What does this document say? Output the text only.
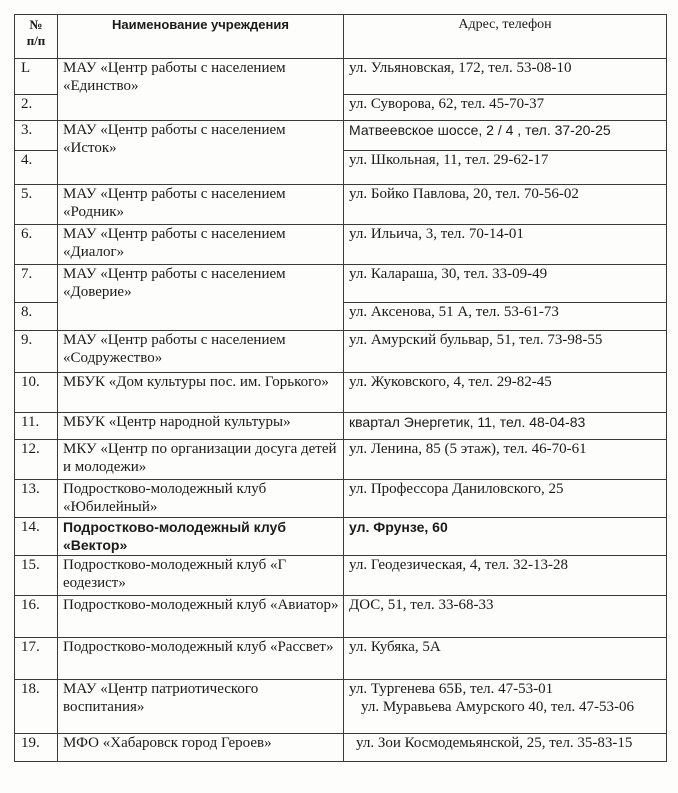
№
п/п	Наименование учреждения	Адрес, телефон
L	МАУ «Центр работы с населением «Единство»	ул. Ульяновская, 172, тел. 53-08-10
2.		ул. Суворова, 62, тел. 45-70-37
3.	МАУ «Центр работы с населением «Исток»	Матвеевское шоссе, 2 / 4 , тел. 37-20-25
4.		ул. Школьная, 11, тел. 29-62-17
5.	МАУ «Центр работы с населением «Родник»	ул. Бойко Павлова, 20, тел. 70-56-02
6.	МАУ «Центр работы с населением «Диалог»	ул. Ильича, 3, тел. 70-14-01
7.	МАУ «Центр работы с населением «Доверие»	ул. Калараша, 30, тел. 33-09-49
8.		ул. Аксенова, 51 А, тел. 53-61-73
9.	МАУ «Центр работы с населением «Содружество»	ул. Амурский бульвар, 51, тел. 73-98-55
10.	МБУК «Дом культуры пос. им. Горького»	ул. Жуковского, 4, тел. 29-82-45
11.	МБУК «Центр народной культуры»	квартал Энергетик, 11, тел. 48-04-83
12.	МКУ «Центр по организации досуга детей и молодежи»	ул. Ленина, 85 (5 этаж), тел. 46-70-61
13.	Подростково-молодежный клуб «Юбилейный»	ул. Профессора Даниловского, 25
14.	Подростково-молодежный клуб «Вектор»	ул. Фрунзе, 60
15.	Подростково-молодежный клуб «Г еодезист»	ул. Геодезическая, 4, тел. 32-13-28
16.	Подростково-молодежный клуб «Авиатор»	ДОС, 51, тел. 33-68-33
17.	Подростково-молодежный клуб «Рассвет»	ул. Кубяка, 5А
18.	МАУ «Центр патриотического воспитания»	ул. Тургенева 65Б, тел. 47-53-01
ул. Муравьева Амурского 40, тел. 47-53-06

19.	МФО «Хабаровск город Героев»	ул. Зои Космодемьянской, 25, тел. 35-83-15
